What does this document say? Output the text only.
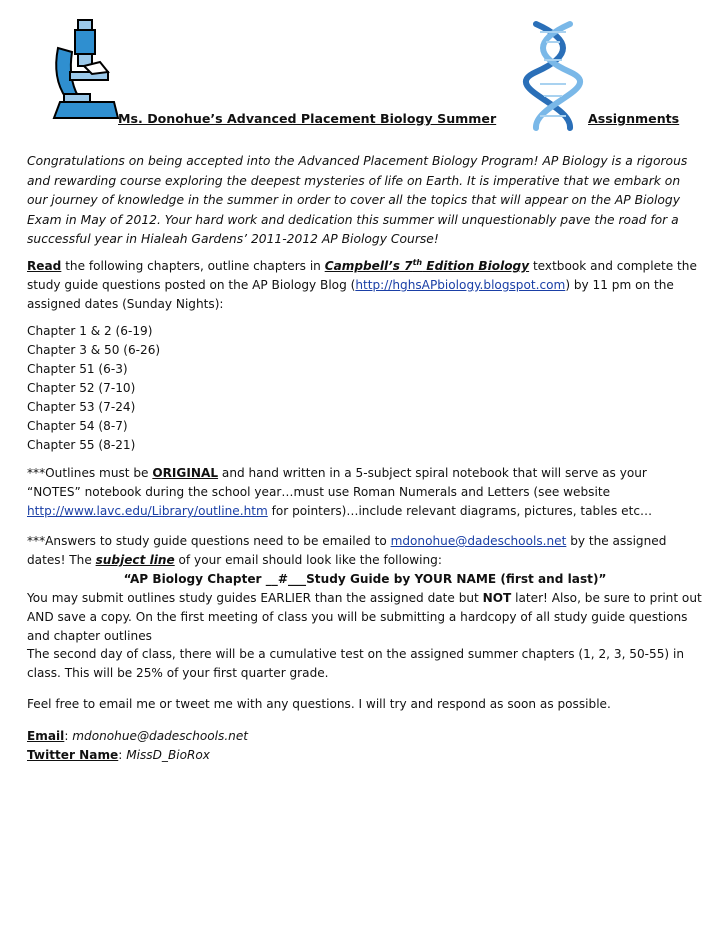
Ms. Donohue’s Advanced Placement Biology Summer	Assignments
Congratulations on being accepted into the Advanced Placement Biology Program! AP Biology is a rigorous and rewarding course exploring the deepest mysteries of life on Earth. It is imperative that we embark on our journey of knowledge in the summer in order to cover all the topics that will appear on the AP Biology Exam in May of 2012. Your hard work and dedication this summer will unquestionably pave the road for a successful year in Hialeah Gardens’ 2011-2012 AP Biology Course!
Read the following chapters, outline chapters in Campbell’s 7th Edition Biology textbook and complete the study guide questions posted on the AP Biology Blog (http://hghsAPbiology.blogspot.com) by 11 pm on the assigned dates (Sunday Nights):
Chapter 1 & 2 (6-19)
Chapter 3 & 50 (6-26)
Chapter 51 (6-3)
Chapter 52 (7-10)
Chapter 53 (7-24)
Chapter 54 (8-7)
Chapter 55 (8-21)
***Outlines must be ORIGINAL and hand written in a 5-subject spiral notebook that will serve as your “NOTES” notebook during the school year…must use Roman Numerals and Letters (see website http://www.lavc.edu/Library/outline.htm for pointers)…include relevant diagrams, pictures, tables etc…
***Answers to study guide questions need to be emailed to mdonohue@dadeschools.net by the assigned dates! The subject line of your email should look like the following:
“AP Biology Chapter __#___Study Guide by YOUR NAME (first and last)”
You may submit outlines study guides EARLIER than the assigned date but NOT later! Also, be sure to print out AND save a copy. On the first meeting of class you will be submitting a hardcopy of all study guide questions and chapter outlines
The second day of class, there will be a cumulative test on the assigned summer chapters (1, 2, 3, 50-55) in class. This will be 25% of your first quarter grade.
Feel free to email me or tweet me with any questions. I will try and respond as soon as possible.
Email: mdonohue@dadeschools.net
Twitter Name: MissD_BioRox
